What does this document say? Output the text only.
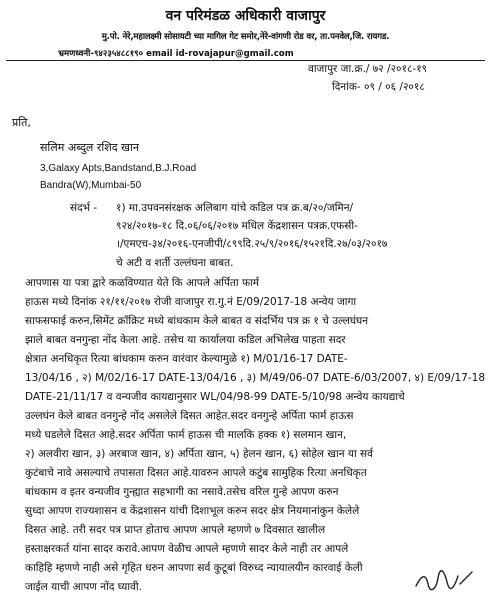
वन परिमंडळ अधिकारी वाजापुर
मु.पो. नेरे,महालक्ष्मी सोसायटी च्या मागिल गेट समोर,नेरे-वांगणी रोड वर, ता.पनवेल,जि. रायगड.
भ्रमणध्वनी-९४२३५४८८१९० email id-rovajapur@gmail.com
वाजापुर जा.क्र./ ७२ /२०१८-१९
दिनांक- ०९ / ०६ /२०१८
प्रति,
सलिम अब्दुल रशिद खान
3,Galaxy Apts,Bandstand,B.J.Road
Bandra(W),Mumbai-50
संदर्भ - १) मा.उपवनसंरक्षक अलिबाग यांचे कडिल पत्र क्र.ब/२०/जमिन/
९२४/२०१७-१८ दि.०६/०६/२०१७ मधिल केंद्रशासन पत्रक्र.एफसी-
।/एमएच-३४/२०१६-एनजीपी/८९९दि.२५/९/२०१६/१५२१दि.२७/०३/२०१७
चे अटी व शर्ती उल्लंघना बाबत.
आपणास या पत्रा द्वारे कळविण्यात येते कि आपले अर्पिता फार्म
हाऊस मध्ये दिनांक २१/११/२०१७ रोजी वाजापुर रा.गु.नं E/09/2017-18 अन्वेय जागा
साफसफाई करुन,सिमेंट क्रॉक्रिट मध्ये बांधकाम केले बाबत व संदर्भिय पत्र क्र १ चे उल्लघंघन
झाले बाबत वनगुन्हा नोंद केला आहे. तसेच या कार्यालया कडिल अभिलेख पाहता सदर
क्षेत्रात अनधिकृत रित्या बांधकाम करुन वारंवार केल्यामुळे १) M/01/16-17 DATE-
13/04/16 , २) M/02/16-17 DATE-13/04/16 , ३) M/49/06-07 DATE-6/03/2007, ४) E/09/17-18
DATE-21/11/17 व वन्यजीव कायद्यानुसार WL/04/98-99 DATE-5/10/98 अन्वेय कायद्याचे
उल्लघंन केले बाबत वनगुन्हे नोंद असलेले दिसत आहेत.सदर वनगुन्हे अर्पिता फार्म हाऊस
मध्ये घडलेले दिसत आहे.सदर अर्पिता फार्म हाऊस ची मालकि हक्क १) सलमान खान,
२) अलवीरा खान, ३) अरबाज खान, ४) अर्पिता खान, ५) हेलन खान, ६) सोहेल खान या सर्व
कुटंबाचे नावे असल्याचे तपासता दिसत आहे.यावरुन आपले कटुंब सामुहिक रित्या अनधिकृत
बांधकाम व इतर वन्यजीव गुन्ह्यात सहभागी का नसावे.तसेच वरिल गुन्हे आपण करुन
सुध्दा आपण राज्यशासन व केंद्रशासन यांची दिशाभूल करुन सदर क्षेत्र नियमानांकुन केलेले
दिसत आहे. तरी सदर पत्र प्राप्त होताच आपण आपले म्हणणे ७ दिवसात खालील
हस्ताक्षरकर्त यांना सादर करावे.आपण वेळीच आपले म्हणणे सादर केले नाही तर आपले
काहिहि म्हणणे नाही असे गृहित धरुन आपणा सर्व कुटूबां विरुध्द न्यायालयीन कारवाई केली
जाईल याची आपण नोंद घ्यावी.
